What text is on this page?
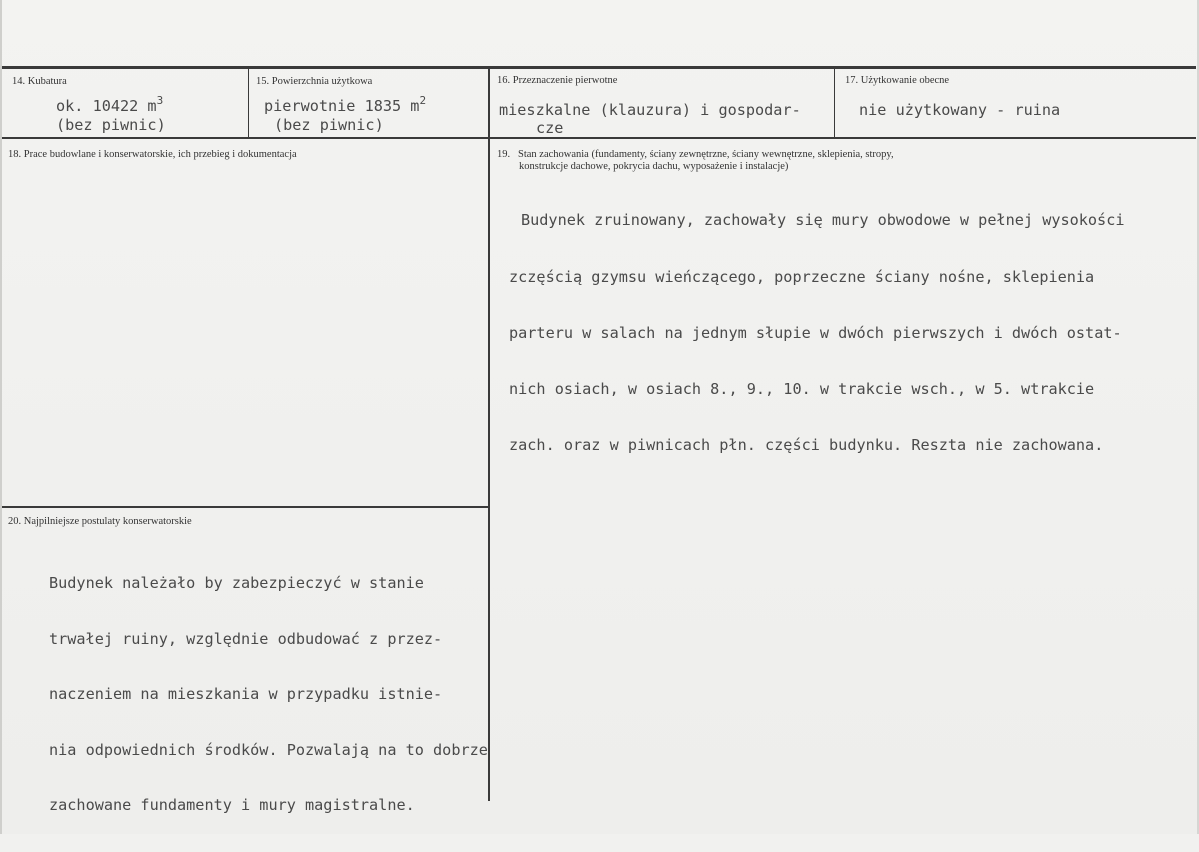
14. Kubatura
ok. 10422 $m^3$
(bez piwnic)
15. Powierzchnia użytkowa
pierwotnie 1835 $m^2$
(bez piwnic)
16. Przeznaczenie pierwotne
mieszkalne (klauzura) i gospodar-
cze
17. Użytkowanie obecne
nie użytkowany - ruina
18. Prace budowlane i konserwatorskie, ich przebieg i dokumentacja	19.   Stan zachowania (fundamenty, ściany zewnętrzne, ściany wewnętrzne, sklepienia, stropy,
konstrukcje dachowe, pokrycia dachu, wyposażenie i instalacje)

Budynek zruinowany, zachowały się mury obwodowe w pełnej wysokości

zczęścią gzymsu wieńczącego, poprzeczne ściany nośne, sklepienia

parteru w salach na jednym słupie w dwóch pierwszych i dwóch ostat-

nich osiach, w osiach 8., 9., 10. w trakcie wsch., w 5. wtrakcie

zach. oraz w piwnicach płn. części budynku. Reszta nie zachowana.

20. Najpilniejsze postulaty konserwatorskie

Budynek należało by zabezpieczyć w stanie

trwałej ruiny, względnie odbudować z przez-

naczeniem na mieszkania w przypadku istnie-

nia odpowiednich środków. Pozwalają na to dobrze

zachowane fundamenty i mury magistralne.
